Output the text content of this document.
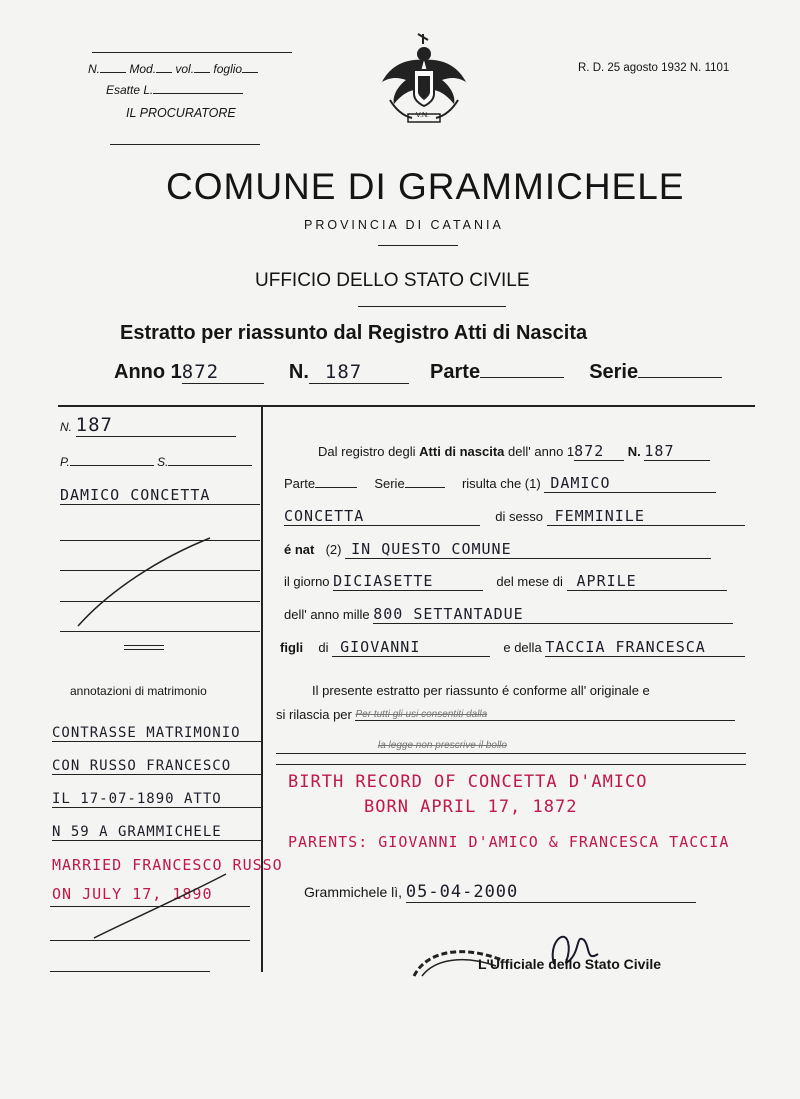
N. Mod. vol. foglio
Esatte L.
IL PROCURATORE	V.N.
R. D. 25 agosto 1932 N. 1101
COMUNE DI GRAMMICHELE
PROVINCIA DI CATANIA
UFFICIO DELLO STATO CIVILE
Estratto per riassunto dal Registro Atti di Nascita
Anno 1872	N. 187	Parte	Serie
N. 187
P.	S.
DAMICO CONCETTA
annotazioni di matrimonio
CONTRASSE MATRIMONIO
CON RUSSO FRANCESCO
IL 17-07-1890 ATTO
N 59 A GRAMMICHELE
MARRIED FRANCESCO RUSSO
ON JULY 17, 1890
Dal registro degli Atti di nascita dell' anno 1872 N. 187
Parte	Serie	risulta che (1) DAMICO
CONCETTA	di sesso FEMMINILE
é nat (2) IN QUESTO COMUNE
il giorno DICIASETTE	del mese di APRILE
dell' anno mille 800 SETTANTADUE
figli di GIOVANNI	e della TACCIA FRANCESCA
Il presente estratto per riassunto é conforme all' originale e
si rilascia per Per tutti gli usi consentiti dalla
la legge non prescrive il bollo
BIRTH RECORD OF CONCETTA D'AMICO
BORN APRIL 17, 1872
PARENTS: GIOVANNI D'AMICO & FRANCESCA TACCIA
Grammichele lì, 05-04-2000
L'Ufficiale dello Stato Civile
